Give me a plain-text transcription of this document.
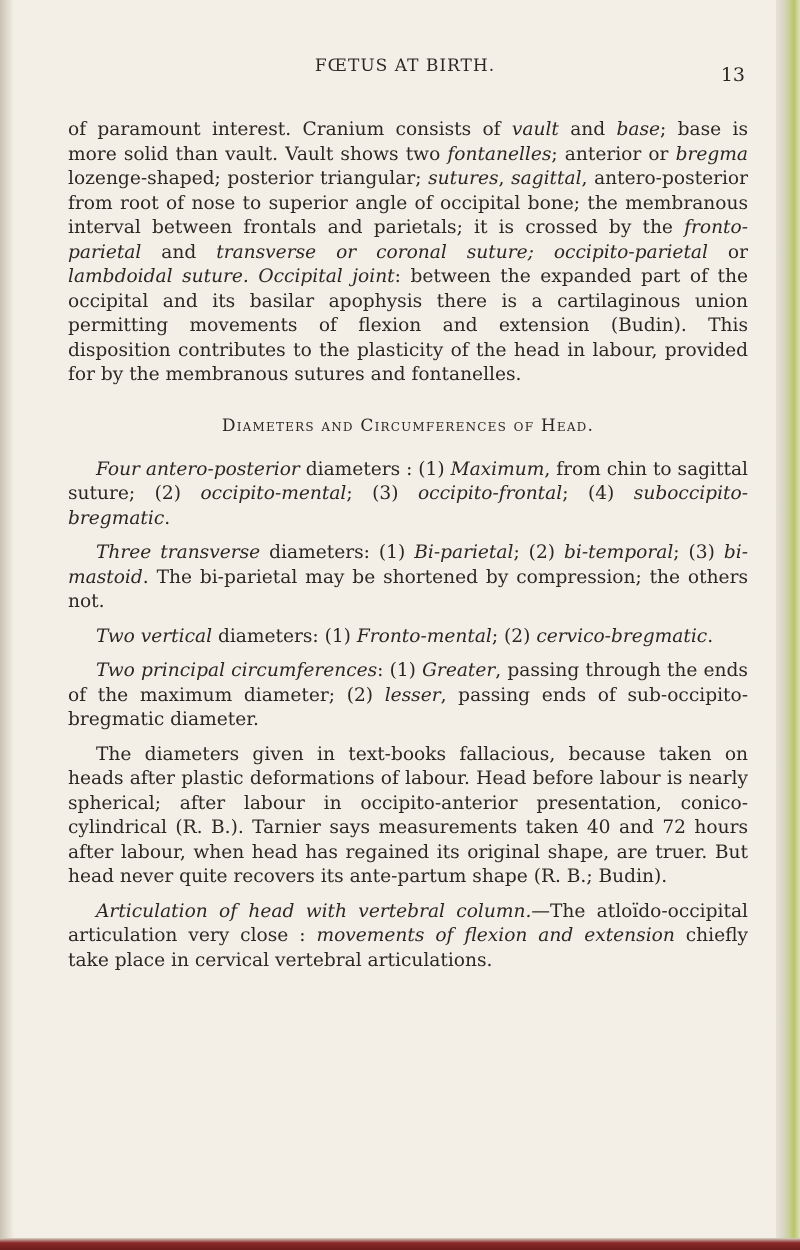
FŒTUS AT BIRTH.	13

of paramount interest. Cranium consists of vault and base; base is more solid than vault. Vault shows two fontanelles; anterior or bregma lozenge-shaped; posterior triangular; sutures, sagittal, antero-posterior from root of nose to superior angle of occipital bone; the membranous interval between frontals and parietals; it is crossed by the fronto-parietal and transverse or coronal suture; occipito-parietal or lambdoidal suture. Occipital joint: between the expanded part of the occipital and its basilar apophysis there is a cartilaginous union permitting movements of flexion and extension (Budin). This disposition contributes to the plasticity of the head in labour, provided for by the membranous sutures and fontanelles.

Diameters and Circumferences of Head.

Four antero-posterior diameters : (1) Maximum, from chin to sagittal suture; (2) occipito-mental; (3) occipito-frontal; (4) suboccipito-bregmatic.

Three transverse diameters: (1) Bi-parietal; (2) bi-temporal; (3) bi-mastoid. The bi-parietal may be shortened by compression; the others not.

Two vertical diameters: (1) Fronto-mental; (2) cervico-bregmatic.

Two principal circumferences: (1) Greater, passing through the ends of the maximum diameter; (2) lesser, passing ends of sub-occipito-bregmatic diameter.

The diameters given in text-books fallacious, because taken on heads after plastic deformations of labour. Head before labour is nearly spherical; after labour in occipito-anterior presentation, conico-cylindrical (R. B.). Tarnier says measurements taken 40 and 72 hours after labour, when head has regained its original shape, are truer. But head never quite recovers its ante-partum shape (R. B.; Budin).

Articulation of head with vertebral column.—The atloïdo-occipital articulation very close : movements of flexion and extension chiefly take place in cervical vertebral articulations.
